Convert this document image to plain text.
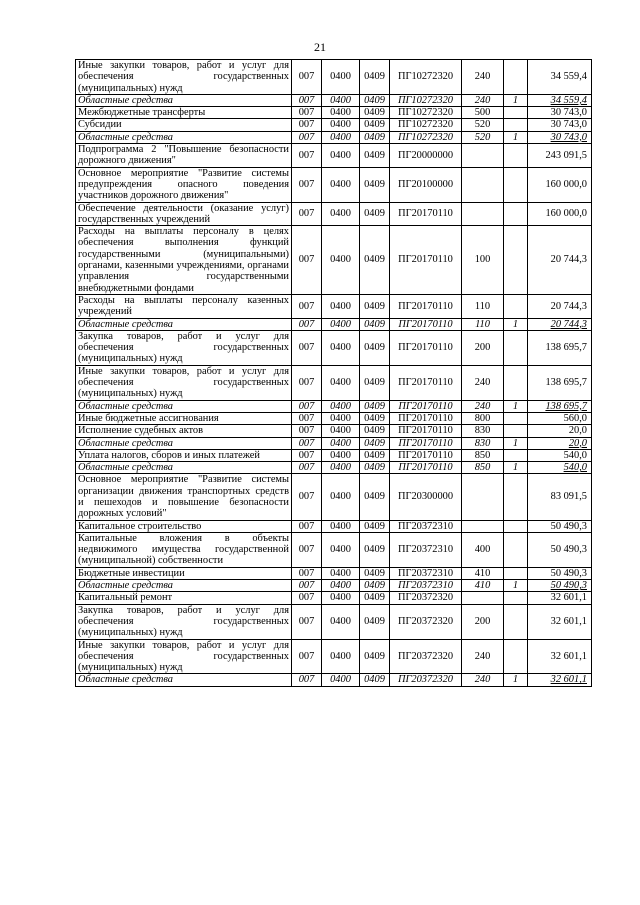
21
Иные закупки товаров, работ и услуг для обеспечения государственных (муниципальных) нужд	007	0400	0409	ПГ10272320	240		34 559,4
Областные средства	007	0400	0409	ПГ10272320	240	1	34 559,4
Межбюджетные трансферты	007	0400	0409	ПГ10272320	500		30 743,0
Субсидии	007	0400	0409	ПГ10272320	520		30 743,0
Областные средства	007	0400	0409	ПГ10272320	520	1	30 743,0
Подпрограмма 2 "Повышение безопасности дорожного движения"	007	0400	0409	ПГ20000000			243 091,5
Основное мероприятие "Развитие системы предупреждения опасного поведения участников дорожного движения"	007	0400	0409	ПГ20100000			160 000,0
Обеспечение деятельности (оказание услуг) государственных учреждений	007	0400	0409	ПГ20170110			160 000,0
Расходы на выплаты персоналу в целях обеспечения выполнения функций государственными (муниципальными) органами, казенными учреждениями, органами управления государственными внебюджетными фондами	007	0400	0409	ПГ20170110	100		20 744,3
Расходы на выплаты персоналу казенных учреждений	007	0400	0409	ПГ20170110	110		20 744,3
Областные средства	007	0400	0409	ПГ20170110	110	1	20 744,3
Закупка товаров, работ и услуг для обеспечения государственных (муниципальных) нужд	007	0400	0409	ПГ20170110	200		138 695,7
Иные закупки товаров, работ и услуг для обеспечения государственных (муниципальных) нужд	007	0400	0409	ПГ20170110	240		138 695,7
Областные средства	007	0400	0409	ПГ20170110	240	1	138 695,7
Иные бюджетные ассигнования	007	0400	0409	ПГ20170110	800		560,0
Исполнение судебных актов	007	0400	0409	ПГ20170110	830		20,0
Областные средства	007	0400	0409	ПГ20170110	830	1	20,0
Уплата налогов, сборов и иных платежей	007	0400	0409	ПГ20170110	850		540,0
Областные средства	007	0400	0409	ПГ20170110	850	1	540,0
Основное мероприятие "Развитие системы организации движения транспортных средств и пешеходов и повышение безопасности дорожных условий"	007	0400	0409	ПГ20300000			83 091,5
Капитальное строительство	007	0400	0409	ПГ20372310			50 490,3
Капитальные вложения в объекты недвижимого имущества государственной (муниципальной) собственности	007	0400	0409	ПГ20372310	400		50 490,3
Бюджетные инвестиции	007	0400	0409	ПГ20372310	410		50 490,3
Областные средства	007	0400	0409	ПГ20372310	410	1	50 490,3
Капитальный ремонт	007	0400	0409	ПГ20372320			32 601,1
Закупка товаров, работ и услуг для обеспечения государственных (муниципальных) нужд	007	0400	0409	ПГ20372320	200		32 601,1
Иные закупки товаров, работ и услуг для обеспечения государственных (муниципальных) нужд	007	0400	0409	ПГ20372320	240		32 601,1
Областные средства	007	0400	0409	ПГ20372320	240	1	32 601,1
